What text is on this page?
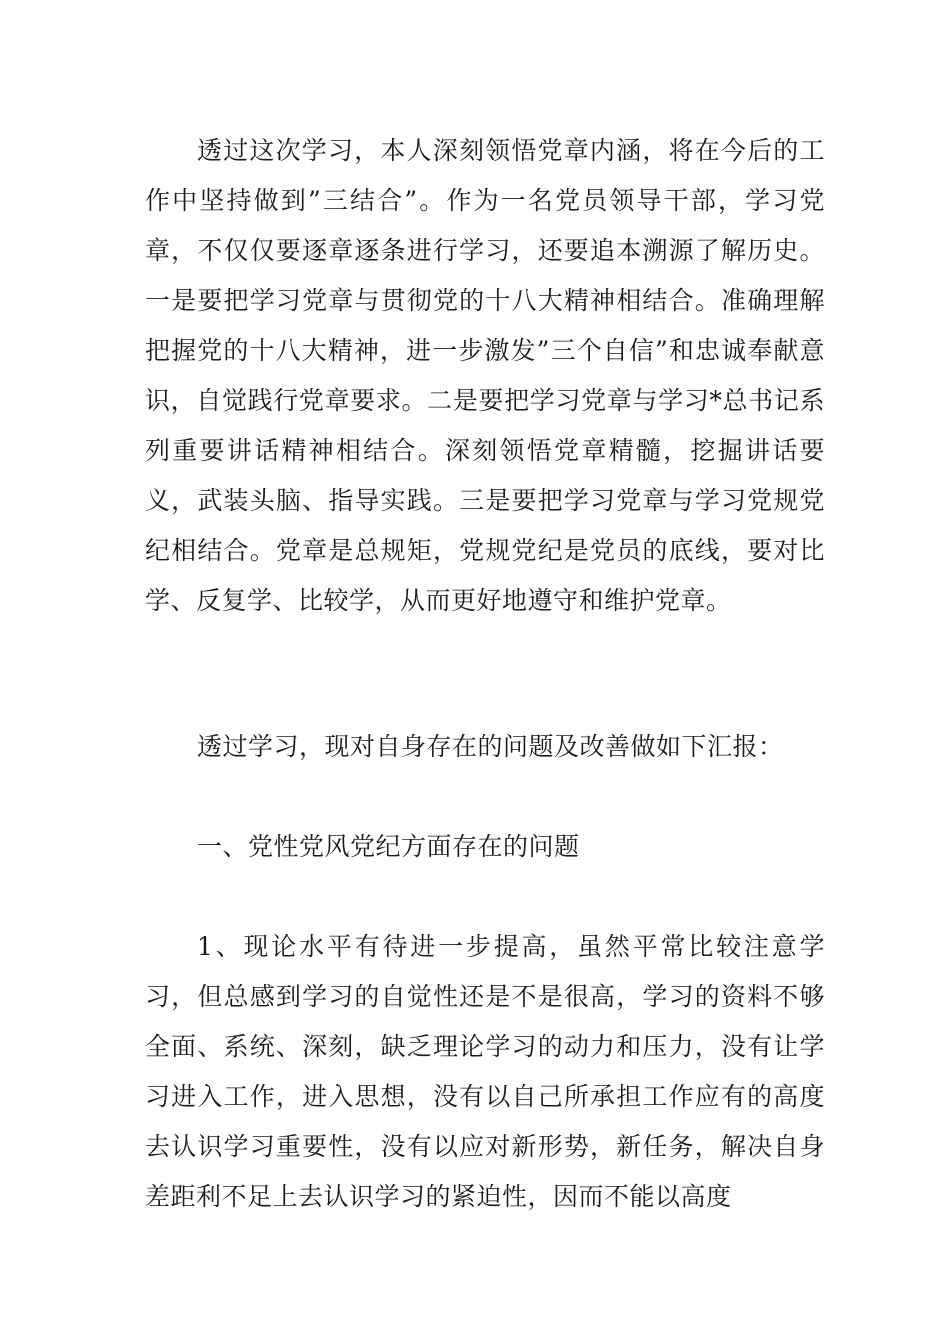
透过这次学习，本人深刻领悟党章内涵，将在今后的工作中坚持做到”三结合”。作为一名党员领导干部，学习党章，不仅仅要逐章逐条进行学习，还要追本溯源了解历史。一是要把学习党章与贯彻党的十八大精神相结合。准确理解把握党的十八大精神，进一步激发”三个自信”和忠诚奉献意识，自觉践行党章要求。二是要把学习党章与学习*总书记系列重要讲话精神相结合。深刻领悟党章精髓，挖掘讲话要义，武装头脑、指导实践。三是要把学习党章与学习党规党纪相结合。党章是总规矩，党规党纪是党员的底线，要对比学、反复学、比较学，从而更好地遵守和维护党章。

透过学习，现对自身存在的问题及改善做如下汇报：

一、党性党风党纪方面存在的问题

1、现论水平有待进一步提高，虽然平常比较注意学习，但总感到学习的自觉性还是不是很高，学习的资料不够全面、系统、深刻，缺乏理论学习的动力和压力，没有让学习进入工作，进入思想，没有以自己所承担工作应有的高度去认识学习重要性，没有以应对新形势，新任务，解决自身差距利不足上去认识学习的紧迫性，因而不能以高度
